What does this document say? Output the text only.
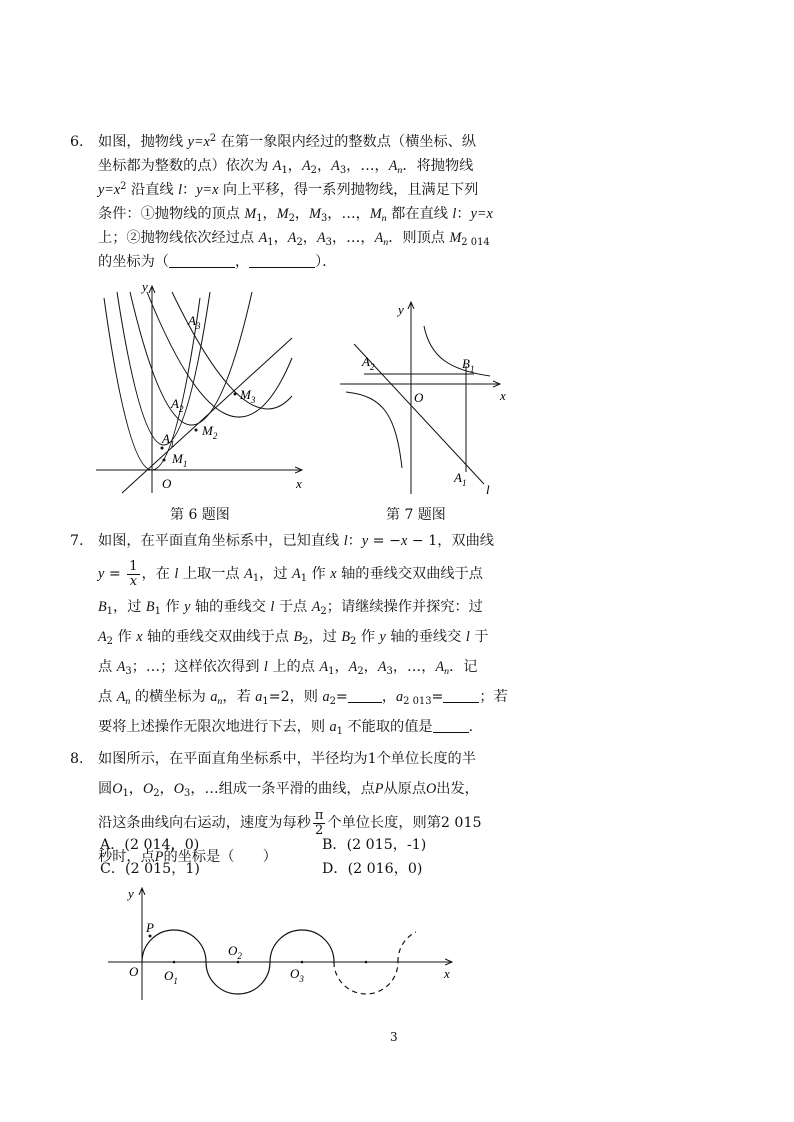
6. 如图，抛物线 $y=x^2$ 在第一象限内经过的整数点（横坐标、纵
坐标都为整数的点）依次为 $A_1$，$A_2$，$A_3$，…，$A_n$．将抛物线
$y=x^2$ 沿直线 l：y=x 向上平移，得一系列抛物线，且满足下列
条件：①抛物线的顶点 $M_1$，$M_2$，$M_3$，…，$M_n$ 都在直线 l：y=x
上；②抛物线依次经过点 $A_1$，$A_2$，$A_3$，…，$A_n$．则顶点 $M_{2 014}$
的坐标为（	，	）．
y
x
O
$A_3$
$A_2$
$A_1$
$M_1$
$M_2$
$M_3$
第 6 题图
y
x
O
$A_2$	$B_1$
$A_1$ l
第 7 题图
7. 如图，在平面直角坐标系中，已知直线 l：y = −x − 1，双曲线
$y = \frac{1}{x}$ ，在 l 上取一点 $A_1$，过 $A_1$ 作 x 轴的垂线交双曲线于点
$B_1$，过 $B_1$ 作 y 轴的垂线交 l 于点 $A_2$；请继续操作并探究：过
$A_2$ 作 x 轴的垂线交双曲线于点 $B_2$，过 $B_2$ 作 y 轴的垂线交 l 于
点 $A_3$；…；这样依次得到 l 上的点 $A_1$，$A_2$，$A_3$，…，$A_n$．记
点 $A_n$ 的横坐标为 $a_n$，若 $a_1=2$，则 $a_2=$ ，$a_{2 013}=$	；若
要将上述操作无限次地进行下去，则 $a_1$ 不能取的值是	.
8. 如图所示，在平面直角坐标系中，半径均为1个单位长度的半
圆$O_1$，$O_2$，$O_3$，…组成一条平滑的曲线，点P从原点O出发，
沿这条曲线向右运动，速度为每秒 $\frac{\pi}{2}$ 个单位长度，则第2 015
秒时，点P的坐标是（　　）
A．(2 014，0)	B．(2 015，-1)
C．(2 015，1)	D．(2 016，0)
y
x
O
P
$O_1$
$O_2$
$O_3$
3
